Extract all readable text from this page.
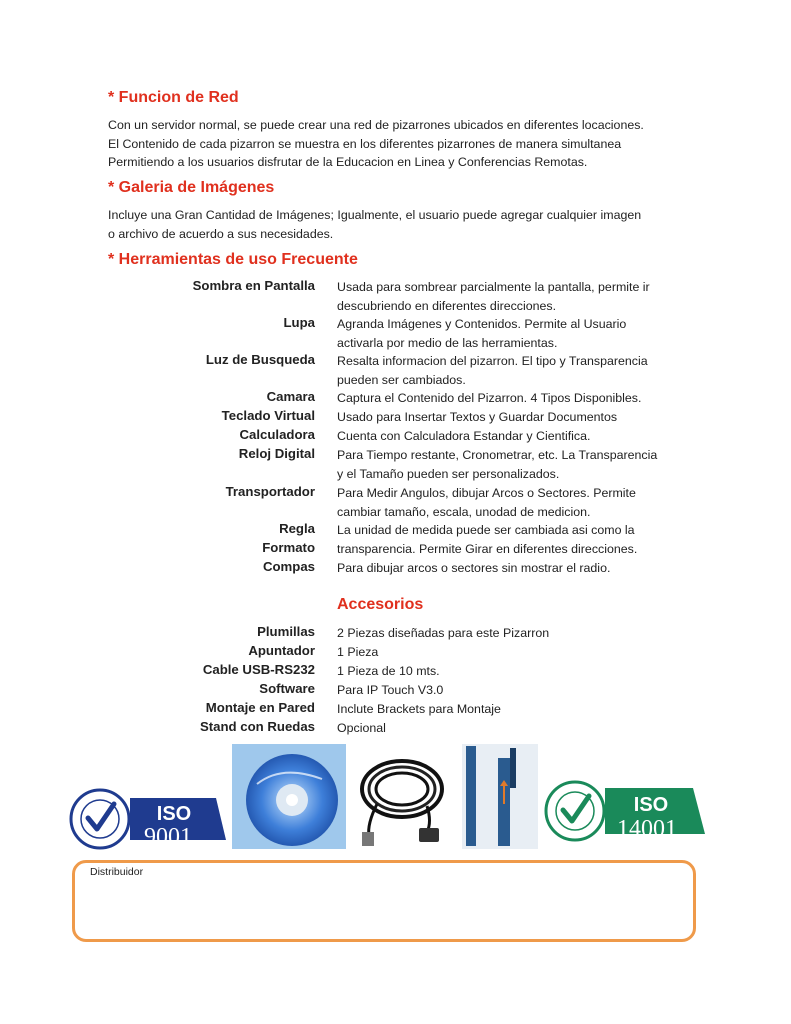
* Funcion de Red
Con un servidor normal, se puede crear una red de pizarrones ubicados en diferentes locaciones.
El Contenido de cada pizarron se muestra en los diferentes pizarrones de manera simultanea
Permitiendo a los usuarios disfrutar de la Educacion en Linea y Conferencias Remotas.
* Galeria de Imágenes
Incluye una Gran Cantidad de Imágenes; Igualmente, el usuario puede agregar cualquier imagen
o archivo de acuerdo a sus necesidades.
* Herramientas de uso Frecuente
Sombra en Pantalla Usada para sombrear parcialmente la pantalla, permite ir
descubriendo en diferentes direcciones.
Lupa Agranda Imágenes y Contenidos. Permite al Usuario
activarla por medio de las herramientas.
Luz de Busqueda Resalta informacion del pizarron. El tipo y Transparencia
pueden ser cambiados.
Camara Captura el Contenido del Pizarron. 4 Tipos Disponibles.
Teclado Virtual Usado para Insertar Textos y Guardar Documentos
Calculadora Cuenta con Calculadora Estandar y Cientifica.
Reloj Digital Para Tiempo restante, Cronometrar, etc. La Transparencia
y el Tamaño pueden ser personalizados.
Transportador Para Medir Angulos, dibujar Arcos o Sectores. Permite
cambiar tamaño, escala, unodad de medicion.
Regla La unidad de medida puede ser cambiada asi como la
Formato transparencia. Permite Girar en diferentes direcciones.
Compas Para dibujar arcos o sectores sin mostrar el radio.
Accesorios
Plumillas 2 Piezas diseñadas para este Pizarron
Apuntador 1 Pieza
Cable USB-RS232 1 Pieza de 10 mts.
Software Para IP Touch V3.0
Montaje en Pared Inclute Brackets para Montaje
Stand con Ruedas Opcional
ISO
9001
ISO
14001
Distribuidor
